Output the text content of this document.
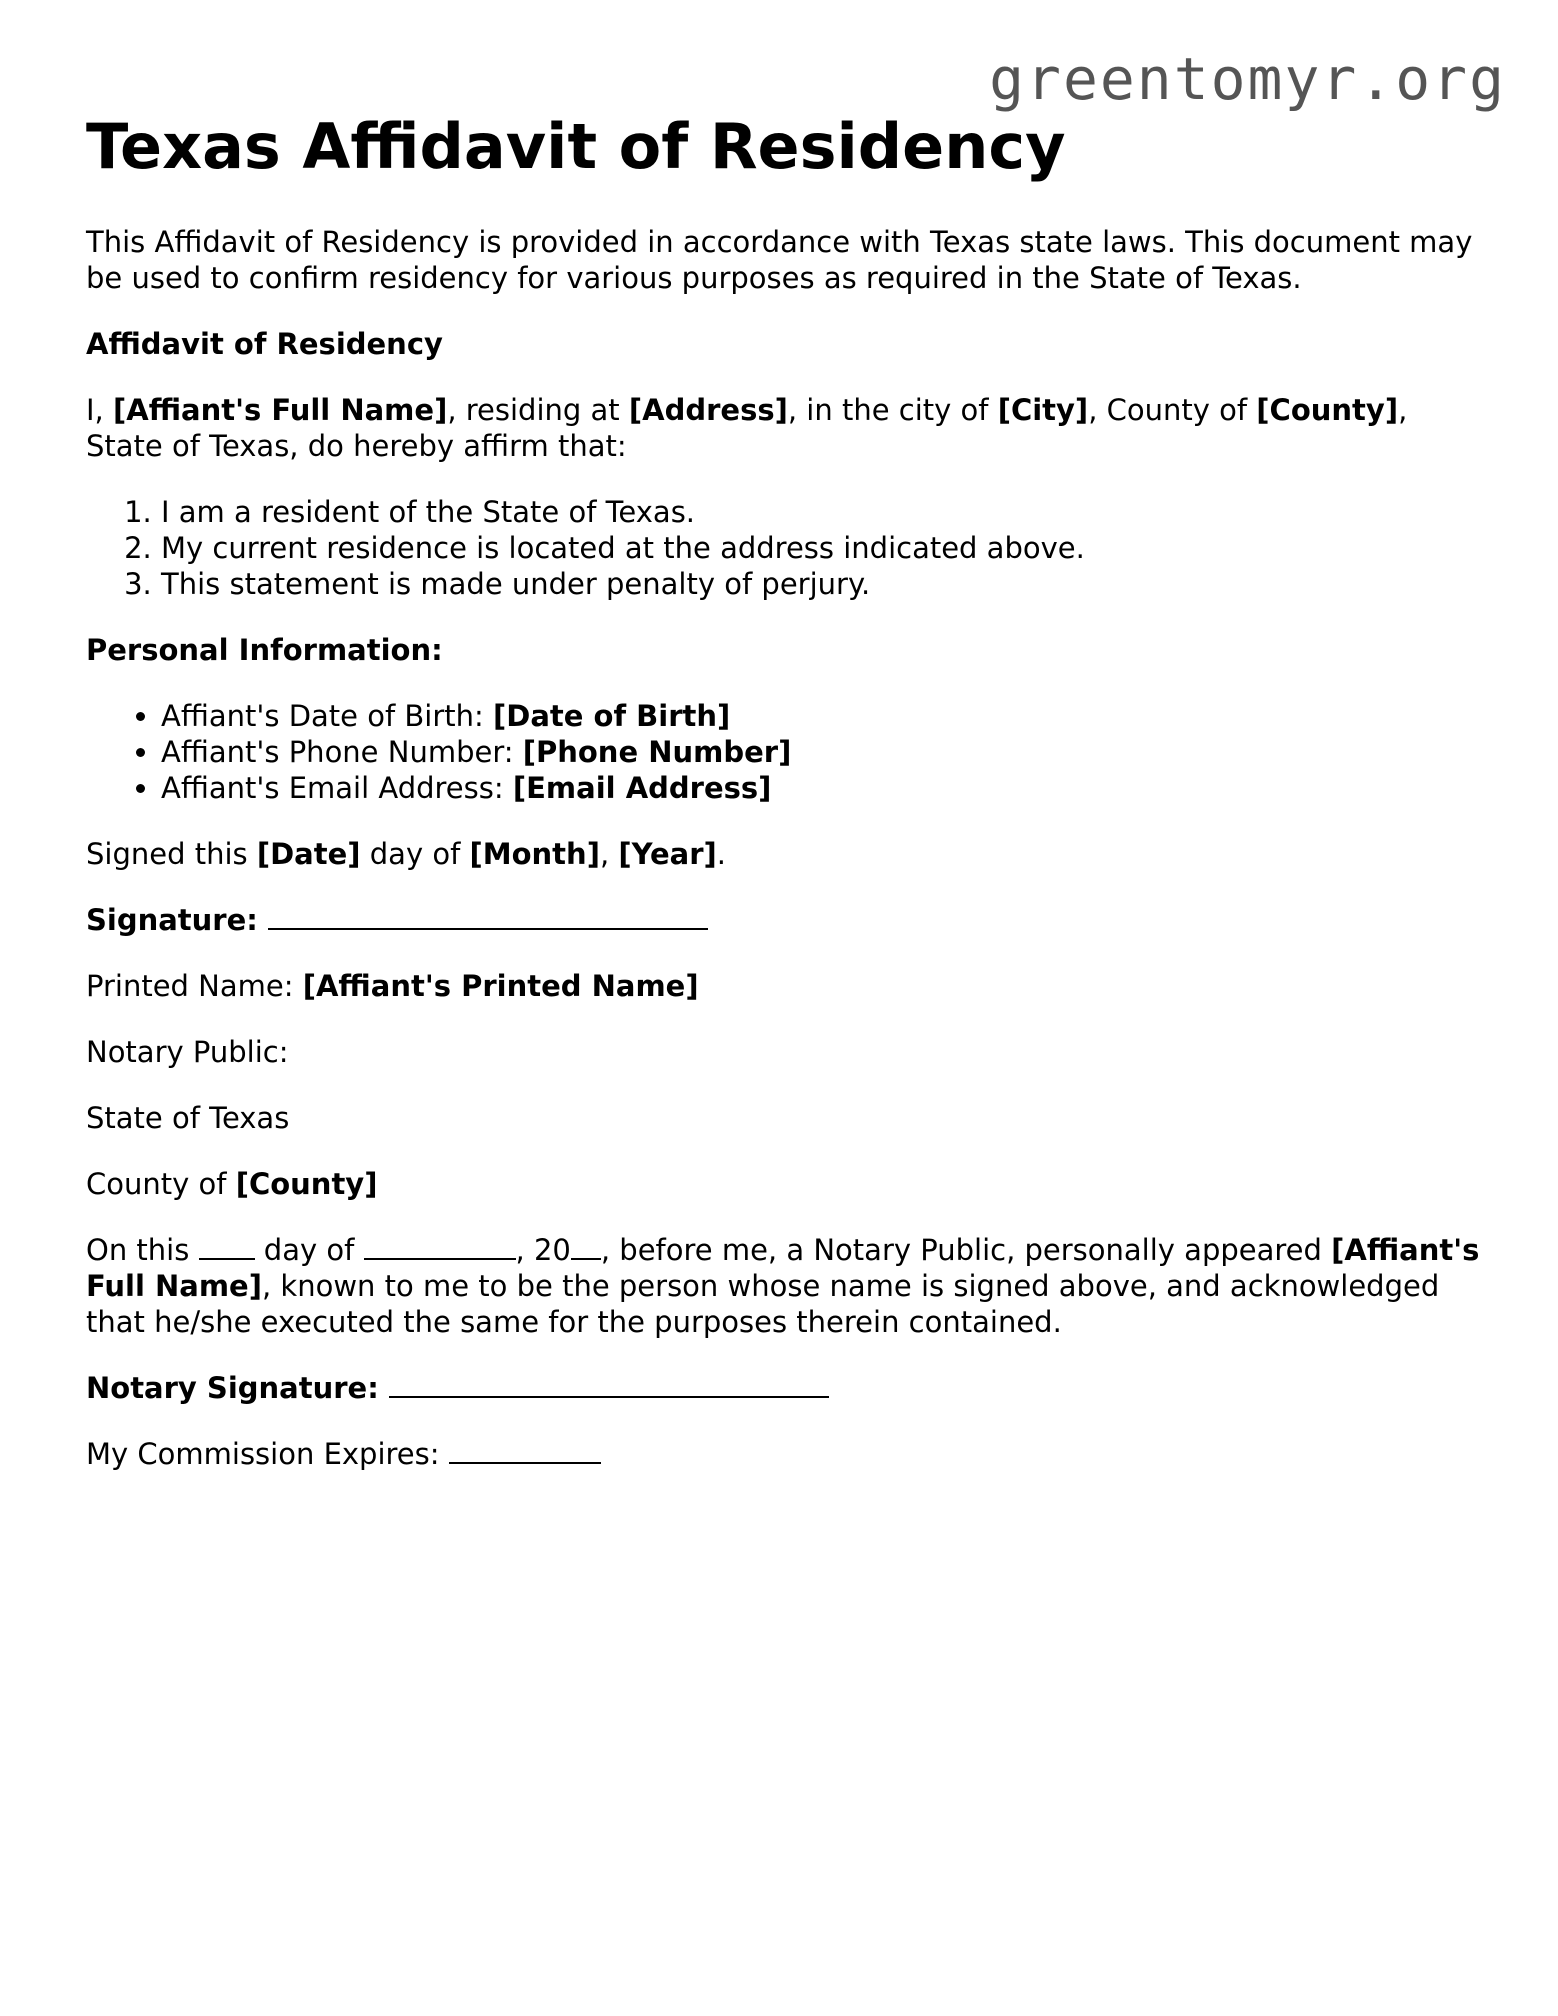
greentomyr.org
Texas Affidavit of Residency

This Affidavit of Residency is provided in accordance with Texas state laws. This document may be used to confirm residency for various purposes as required in the State of Texas.

Affidavit of Residency

I, [Affiant's Full Name], residing at [Address], in the city of [City], County of [County], State of Texas, do hereby affirm that:

1. I am a resident of the State of Texas.
2. My current residence is located at the address indicated above.
3. This statement is made under penalty of perjury.

Personal Information:

• Affiant's Date of Birth: [Date of Birth]
• Affiant's Phone Number: [Phone Number]
• Affiant's Email Address: [Email Address]

Signed this [Date] day of [Month], [Year].

Signature:

Printed Name: [Affiant's Printed Name]

Notary Public:

State of Texas

County of [County]

On this  day of	, 20 , before me, a Notary Public, personally appeared [Affiant's Full Name], known to me to be the person whose name is signed above, and acknowledged that he/she executed the same for the purposes therein contained.

Notary Signature:

My Commission Expires:
